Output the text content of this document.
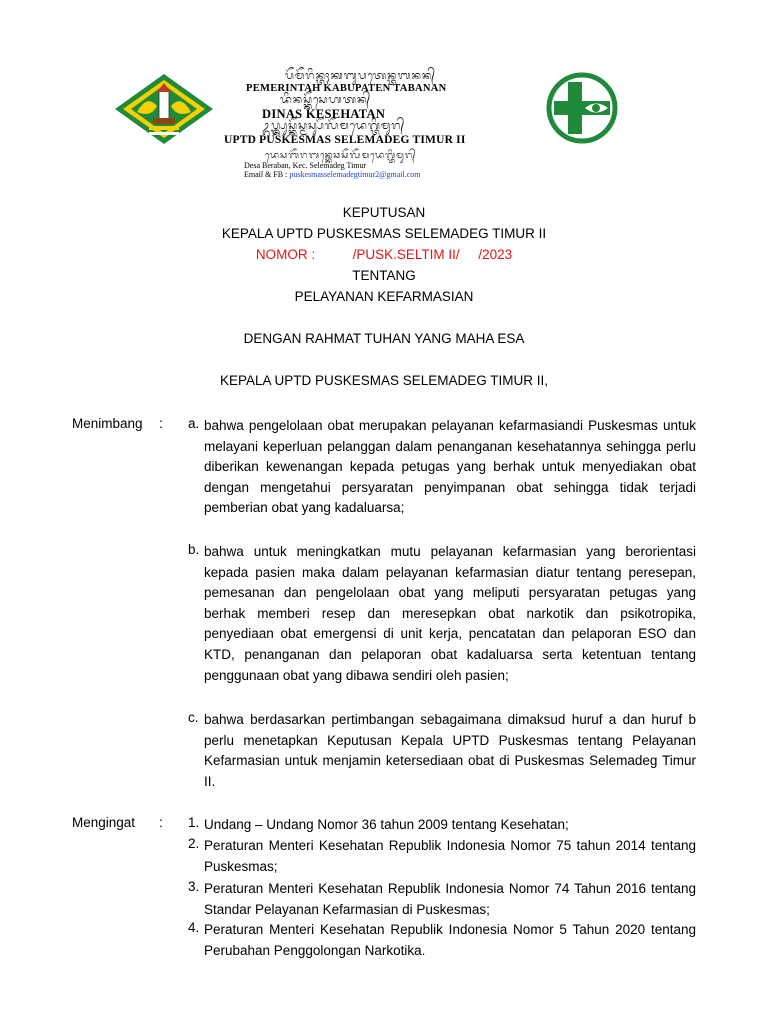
ᬧᭂᬫᭂᬭᬶᬦ᭄ᬢᬄᬓᬩᬸᬧᬢᬾᬦ᭄ᬢᬩᬦᬦ᭄
PEMERINTAH KABUPATEN TABANAN
ᬤᬶᬦᬲ᭄ᬓᭂᬲᬾᬳᬢᬦ᭄
DINAS KESEHATAN
ᬉᬧ᭄ᬢ᭄ᬤ᭄ᬧᬸᬲ᭄ᬓᭂᬲ᭄ᬫᬲ᭄ᬲᭂᬮᭂᬫᬤᬾᬕ᭄ᬢᬶᬫᬸᬭ᭄
UPTD PUSKESMAS SELEMADEG TIMUR II
ᬤᬾᬲᬩᭂᬭᬩᬦ᭄ᬓᬾᬘᬲᭂᬮᭂᬫᬤᬾᬕ᭄ᬢᬶᬫᬸᬭ᭄
Desa Beraban, Kec. Selemadeg Timur
Email & FB : puskesmasselemadegtimur2@gmail.com
KEPUTUSAN
KEPALA UPTD PUSKESMAS SELEMADEG TIMUR II
NOMOR :          /PUSK.SELTIM II/     /2023
TENTANG
PELAYANAN KEFARMASIAN
DENGAN RAHMAT TUHAN YANG MAHA ESA
KEPALA UPTD PUSKESMAS SELEMADEG TIMUR II,
Menimbang : a. bahwa pengelolaan obat merupakan pelayanan kefarmasiandi Puskesmas untuk melayani keperluan pelanggan dalam penanganan kesehatannya sehingga perlu diberikan kewenangan kepada petugas yang berhak untuk menyediakan obat dengan mengetahui persyaratan penyimpanan obat sehingga tidak terjadi pemberian obat yang kadaluarsa;
b. bahwa untuk meningkatkan mutu pelayanan kefarmasian yang berorientasi kepada pasien maka dalam pelayanan kefarmasian diatur tentang peresepan, pemesanan dan pengelolaan obat yang meliputi persyaratan petugas yang berhak memberi resep dan meresepkan obat narkotik dan psikotropika, penyediaan obat emergensi di unit kerja, pencatatan dan pelaporan ESO dan KTD, penanganan dan pelaporan obat kadaluarsa serta ketentuan tentang penggunaan obat yang dibawa sendiri oleh pasien;
c. bahwa berdasarkan pertimbangan sebagaimana dimaksud huruf a dan huruf b perlu menetapkan Keputusan Kepala UPTD Puskesmas tentang Pelayanan Kefarmasian untuk menjamin ketersediaan obat di Puskesmas Selemadeg Timur II.
Mengingat : 1. Undang – Undang Nomor 36 tahun 2009 tentang Kesehatan;
2. Peraturan Menteri Kesehatan Republik Indonesia Nomor 75 tahun 2014 tentang Puskesmas;
3. Peraturan Menteri Kesehatan Republik Indonesia Nomor 74 Tahun 2016 tentang Standar Pelayanan Kefarmasian di Puskesmas;
4. Peraturan Menteri Kesehatan Republik Indonesia Nomor 5 Tahun 2020 tentang Perubahan Penggolongan Narkotika.
